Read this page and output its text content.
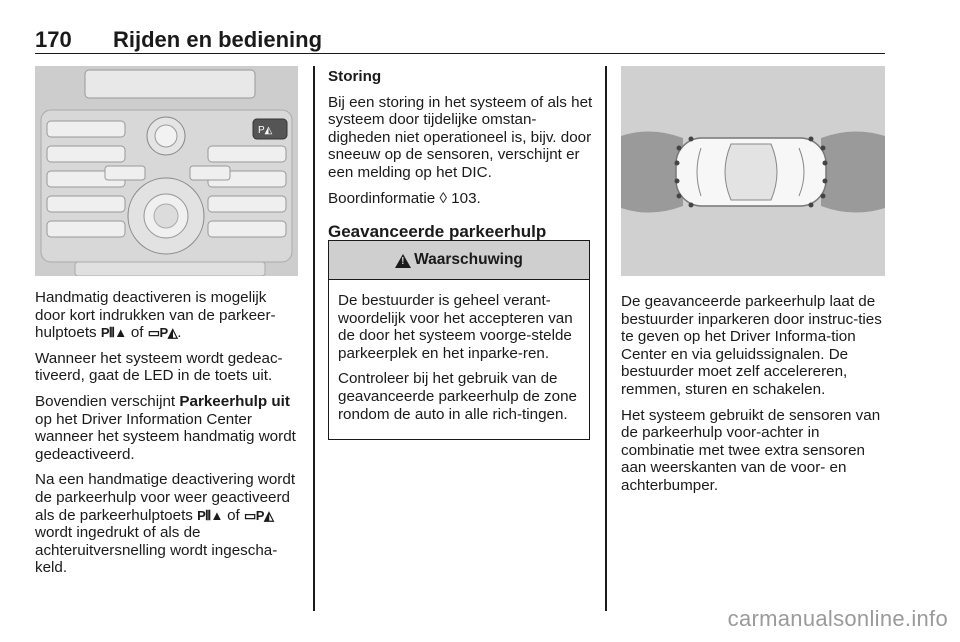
170 Rijden en bediening
P◭

Handmatig deactiveren is mogelijk door kort indrukken van de parkeer-hulptoets P⦀▲ of ▭P◭.

Wanneer het systeem wordt gedeac-tiveerd, gaat de LED in de toets uit.

Bovendien verschijnt Parkeerhulp uit op het Driver Information Center wanneer het systeem handmatig wordt gedeactiveerd.

Na een handmatige deactivering wordt de parkeerhulp voor weer geactiveerd als de parkeerhulptoets P⦀▲ of ▭P◭ wordt ingedrukt of als de achteruitversnelling wordt ingescha-keld.

Storing

Bij een storing in het systeem of als het systeem door tijdelijke omstan-digheden niet operationeel is, bijv. door sneeuw op de sensoren, verschijnt er een melding op het DIC.

Boordinformatie ◊ 103.

Geavanceerde parkeerhulp
!
Waarschuwing

De bestuurder is geheel verant-woordelijk voor het accepteren van de door het systeem voorge-stelde parkeerplek en het inparke-ren.

Controleer bij het gebruik van de geavanceerde parkeerhulp de zone rondom de auto in alle rich-tingen.

De geavanceerde parkeerhulp laat de bestuurder inparkeren door instruc-ties te geven op het Driver Informa-tion Center en via geluidssignalen. De bestuurder moet zelf accelereren, remmen, sturen en schakelen.

Het systeem gebruikt de sensoren van de parkeerhulp voor-achter in combinatie met twee extra sensoren aan weerskanten van de voor- en achterbumper.

carmanualsonline.info
